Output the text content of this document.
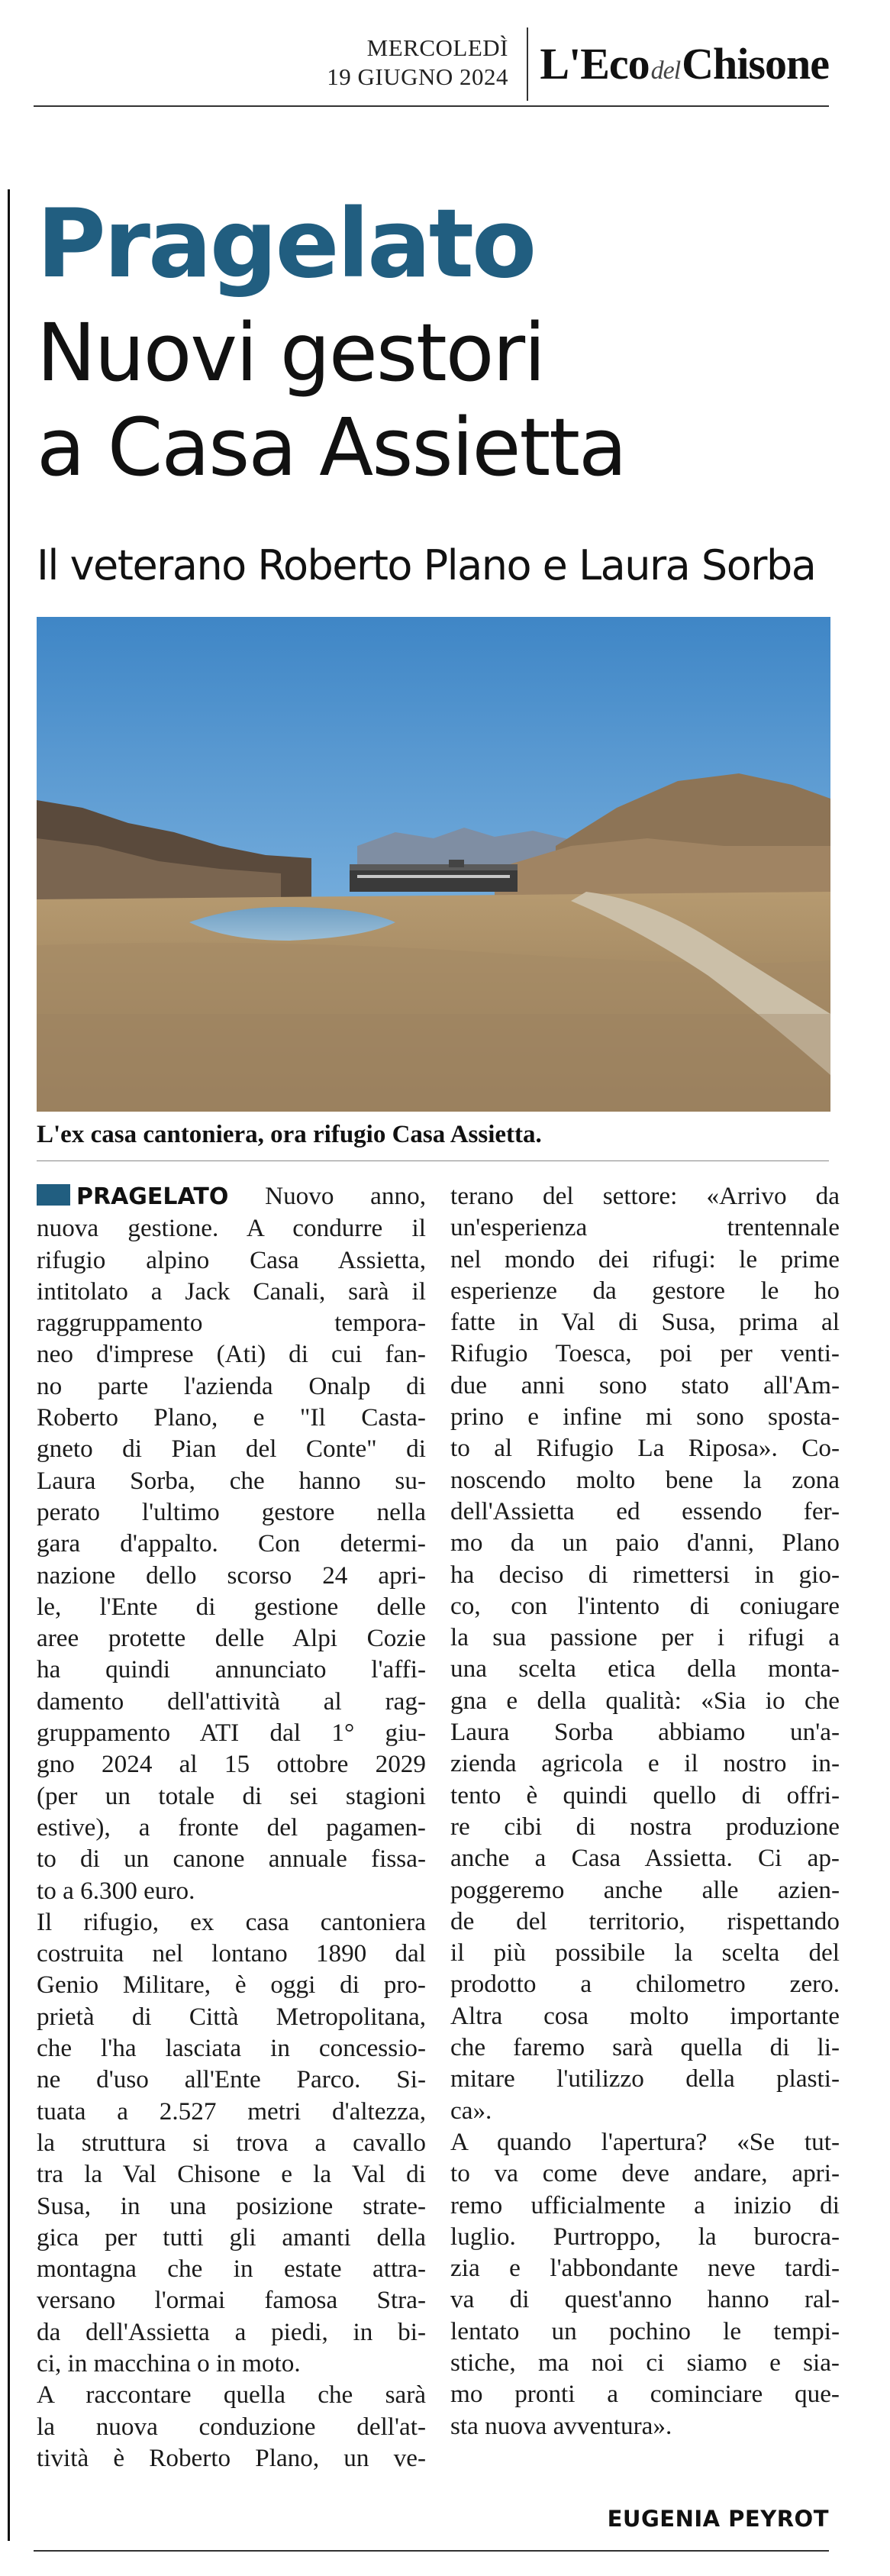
MERCOLEDÌ
19 GIUGNO 2024 L'EcodelChisone
Pragelato
Nuovi gestori
a Casa Assietta
Il veterano Roberto Plano e Laura Sorba
L'ex casa cantoniera, ora rifugio Casa Assietta.

PRAGELATO Nuovo anno,

nuova gestione. A condurre il

rifugio alpino Casa Assietta,

intitolato a Jack Canali, sarà il

raggruppamento tempora-

neo d'imprese (Ati) di cui fan-

no parte l'azienda Onalp di

Roberto Plano, e "Il Casta-

gneto di Pian del Conte" di

Laura Sorba, che hanno su-

perato l'ultimo gestore nella

gara d'appalto. Con determi-

nazione dello scorso 24 apri-

le, l'Ente di gestione delle

aree protette delle Alpi Cozie

ha quindi annunciato l'affi-

damento dell'attività al rag-

gruppamento ATI dal 1° giu-

gno 2024 al 15 ottobre 2029

(per un totale di sei stagioni

estive), a fronte del pagamen-

to di un canone annuale fissa-

to a 6.300 euro.

Il rifugio, ex casa cantoniera

costruita nel lontano 1890 dal

Genio Militare, è oggi di pro-

prietà di Città Metropolitana,

che l'ha lasciata in concessio-

ne d'uso all'Ente Parco. Si-

tuata a 2.527 metri d'altezza,

la struttura si trova a cavallo

tra la Val Chisone e la Val di

Susa, in una posizione strate-

gica per tutti gli amanti della

montagna che in estate attra-

versano l'ormai famosa Stra-

da dell'Assietta a piedi, in bi-

ci, in macchina o in moto.

A raccontare quella che sarà

la nuova conduzione dell'at-

tività è Roberto Plano, un ve-

terano del settore: «Arrivo da

un'esperienza trentennale

nel mondo dei rifugi: le prime

esperienze da gestore le ho

fatte in Val di Susa, prima al

Rifugio Toesca, poi per venti-

due anni sono stato all'Am-

prino e infine mi sono sposta-

to al Rifugio La Riposa». Co-

noscendo molto bene la zona

dell'Assietta ed essendo fer-

mo da un paio d'anni, Plano

ha deciso di rimettersi in gio-

co, con l'intento di coniugare

la sua passione per i rifugi a

una scelta etica della monta-

gna e della qualità: «Sia io che

Laura Sorba abbiamo un'a-

zienda agricola e il nostro in-

tento è quindi quello di offri-

re cibi di nostra produzione

anche a Casa Assietta. Ci ap-

poggeremo anche alle azien-

de del territorio, rispettando

il più possibile la scelta del

prodotto a chilometro zero.

Altra cosa molto importante

che faremo sarà quella di li-

mitare l'utilizzo della plasti-

ca».

A quando l'apertura? «Se tut-

to va come deve andare, apri-

remo ufficialmente a inizio di

luglio. Purtroppo, la burocra-

zia e l'abbondante neve tardi-

va di quest'anno hanno ral-

lentato un pochino le tempi-

stiche, ma noi ci siamo e sia-

mo pronti a cominciare que-

sta nuova avventura».

EUGENIA PEYROT
